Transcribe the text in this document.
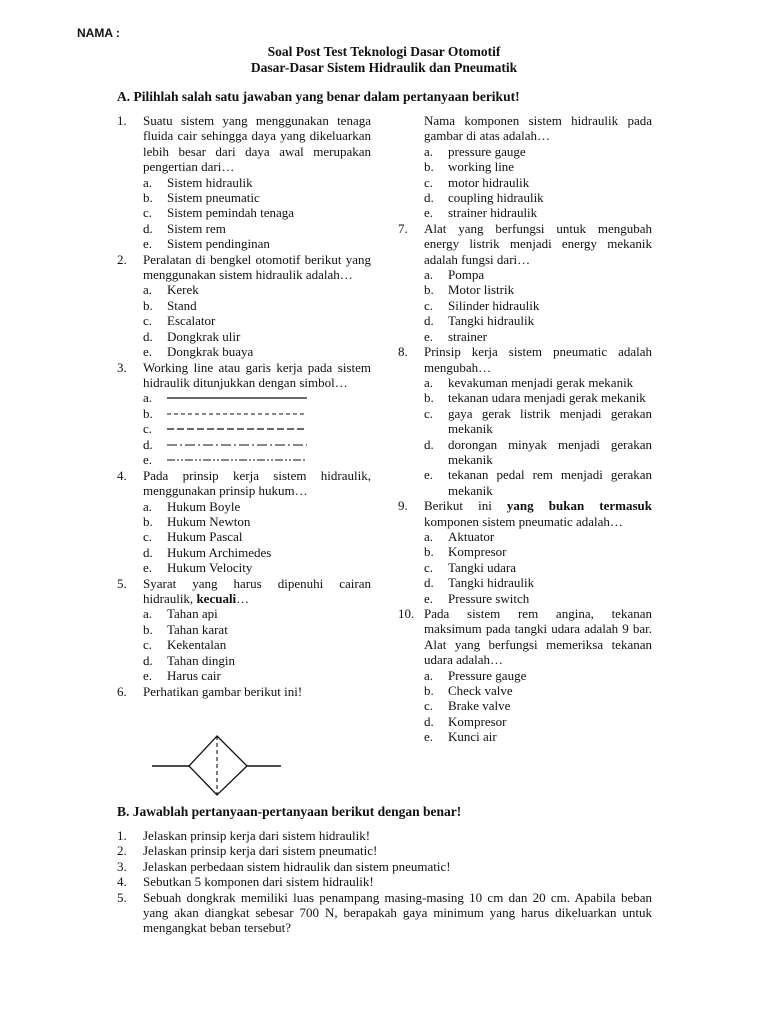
NAMA :
Soal Post Test Teknologi Dasar Otomotif
Dasar-Dasar Sistem Hidraulik dan Pneumatik
A. Pilihlah salah satu jawaban yang benar dalam pertanyaan berikut!
1.	Suatu sistem yang menggunakan tenaga fluida cair sehingga daya yang dikeluarkan lebih besar dari daya awal merupakan pengertian dari…
a.	Sistem hidraulik
b.	Sistem pneumatic
c.	Sistem pemindah tenaga
d.	Sistem rem
e.	Sistem pendinginan
2.	Peralatan di bengkel otomotif berikut yang menggunakan sistem hidraulik adalah…
a.	Kerek
b.	Stand
c.	Escalator
d.	Dongkrak ulir
e.	Dongkrak buaya
3.	Working line atau garis kerja pada sistem hidraulik ditunjukkan dengan simbol…
a.
b.
c.
d.
e.
4.	Pada prinsip kerja sistem hidraulik, menggunakan prinsip hukum…
a.	Hukum Boyle
b.	Hukum Newton
c.	Hukum Pascal
d.	Hukum Archimedes
e.	Hukum Velocity
5.	Syarat yang harus dipenuhi cairan hidraulik, kecuali…
a.	Tahan api
b.	Tahan karat
c.	Kekentalan
d.	Tahan dingin
e.	Harus cair
6.	Perhatikan gambar berikut ini!
Nama komponen sistem hidraulik pada gambar di atas adalah…
a.	pressure gauge
b.	working line
c.	motor hidraulik
d.	coupling hidraulik
e.	strainer hidraulik
7.	Alat yang berfungsi untuk mengubah energy listrik menjadi energy mekanik adalah fungsi dari…
a.	Pompa
b.	Motor listrik
c.	Silinder hidraulik
d.	Tangki hidraulik
e.	strainer
8.	Prinsip kerja sistem pneumatic adalah mengubah…
a.	kevakuman menjadi gerak mekanik
b.	tekanan udara menjadi gerak mekanik
c.	gaya gerak listrik menjadi gerakan mekanik
d.	dorongan minyak menjadi gerakan mekanik
e.	tekanan pedal rem menjadi gerakan mekanik
9.	Berikut ini yang bukan termasuk komponen sistem pneumatic adalah…
a.	Aktuator
b.	Kompresor
c.	Tangki udara
d.	Tangki hidraulik
e.	Pressure switch
10. Pada sistem rem angina, tekanan maksimum pada tangki udara adalah 9 bar. Alat yang berfungsi memeriksa tekanan udara adalah…
a.	Pressure gauge
b.	Check valve
c.	Brake valve
d.	Kompresor
e.	Kunci air
B. Jawablah pertanyaan-pertanyaan berikut dengan benar!
1.	Jelaskan prinsip kerja dari sistem hidraulik!
2.	Jelaskan prinsip kerja dari sistem pneumatic!
3.	Jelaskan perbedaan sistem hidraulik dan sistem pneumatic!
4.	Sebutkan 5 komponen dari sistem hidraulik!
5.	Sebuah dongkrak memiliki luas penampang masing-masing 10 cm dan 20 cm. Apabila beban yang akan diangkat sebesar 700 N, berapakah gaya minimum yang harus dikeluarkan untuk mengangkat beban tersebut?
